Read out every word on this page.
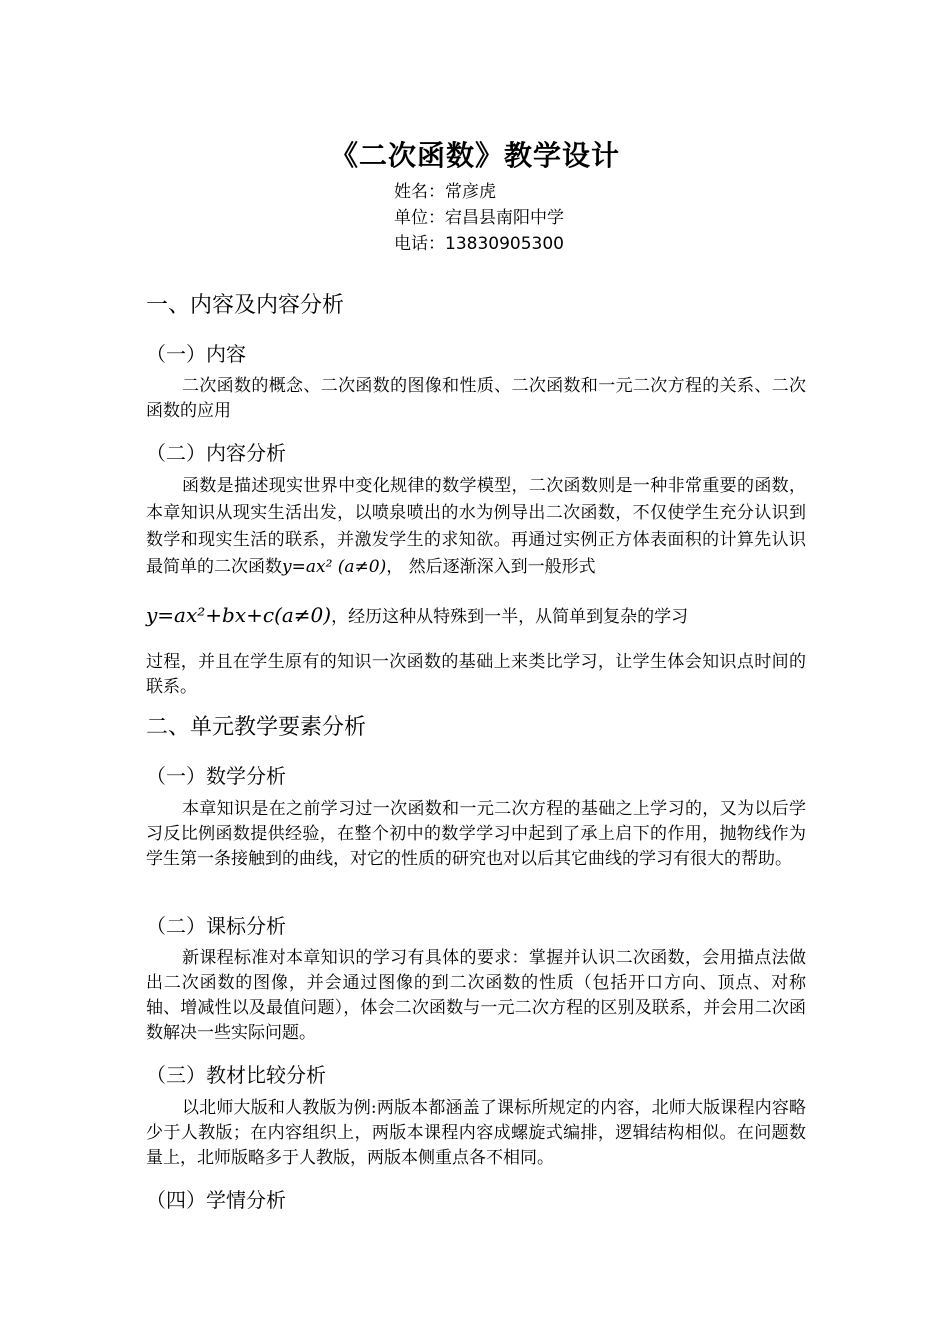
《二次函数》教学设计
姓名：常彦虎
单位：宕昌县南阳中学
电话：13830905300
一、内容及内容分析
（一）内容
二次函数的概念、二次函数的图像和性质、二次函数和一元二次方程的关系、二次函数的应用
（二）内容分析
函数是描述现实世界中变化规律的数学模型，二次函数则是一种非常重要的函数，本章知识从现实生活出发，以喷泉喷出的水为例导出二次函数，不仅使学生充分认识到数学和现实生活的联系，并激发学生的求知欲。再通过实例正方体表面积的计算先认识最简单的二次函数y=ax² (a≠0)， 然后逐渐深入到一般形式
y=ax²+bx+c(a≠0)，经历这种从特殊到一半，从简单到复杂的学习
过程，并且在学生原有的知识一次函数的基础上来类比学习，让学生体会知识点时间的联系。
二、单元教学要素分析
（一）数学分析
本章知识是在之前学习过一次函数和一元二次方程的基础之上学习的，又为以后学习反比例函数提供经验，在整个初中的数学学习中起到了承上启下的作用，抛物线作为学生第一条接触到的曲线，对它的性质的研究也对以后其它曲线的学习有很大的帮助。
（二）课标分析
新课程标准对本章知识的学习有具体的要求：掌握并认识二次函数，会用描点法做出二次函数的图像，并会通过图像的到二次函数的性质（包括开口方向、顶点、对称轴、增减性以及最值问题），体会二次函数与一元二次方程的区别及联系，并会用二次函数解决一些实际问题。
（三）教材比较分析
以北师大版和人教版为例:两版本都涵盖了课标所规定的内容，北师大版课程内容略少于人教版；在内容组织上，两版本课程内容成螺旋式编排，逻辑结构相似。在问题数量上，北师版略多于人教版，两版本侧重点各不相同。
（四）学情分析
